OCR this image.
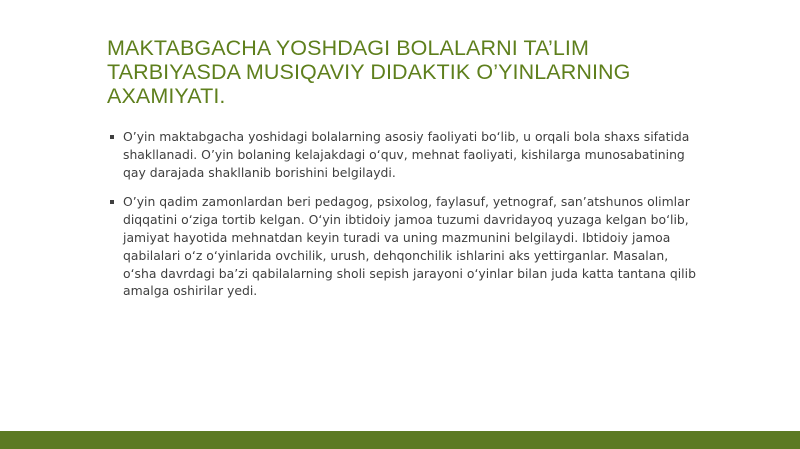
MAKTABGACHA YOSHDAGI BOLALARNI TA’LIM TARBIYASDA MUSIQAVIY DIDAKTIK O’YINLARNING AXAMIYATI.
O’yin maktabgacha yoshidagi bolalarning asosiy faoliyati bo‘lib, u orqali bola shaxs sifatida shakllanadi. O’yin bolaning kelajakdagi o‘quv, mehnat faoliyati, kishilarga munosabatining qay darajada shakllanib borishini belgilaydi.
O’yin qadim zamonlardan beri pedagog, psixolog, faylasuf, yetnograf, san’atshunos olimlar diqqatini o‘ziga tortib kelgan. O‘yin ibtidoiy jamoa tuzumi davridayoq yuzaga kelgan bo‘lib, jamiyat hayotida mehnatdan keyin turadi va uning mazmunini belgilaydi. Ibtidoiy jamoa qabilalari o‘z o‘yinlarida ovchilik, urush, dehqonchilik ishlarini aks yettirganlar. Masalan, o‘sha davrdagi ba’zi qabilalarning sholi sepish jarayoni o‘yinlar bilan juda katta tantana qilib amalga oshirilar yedi.
